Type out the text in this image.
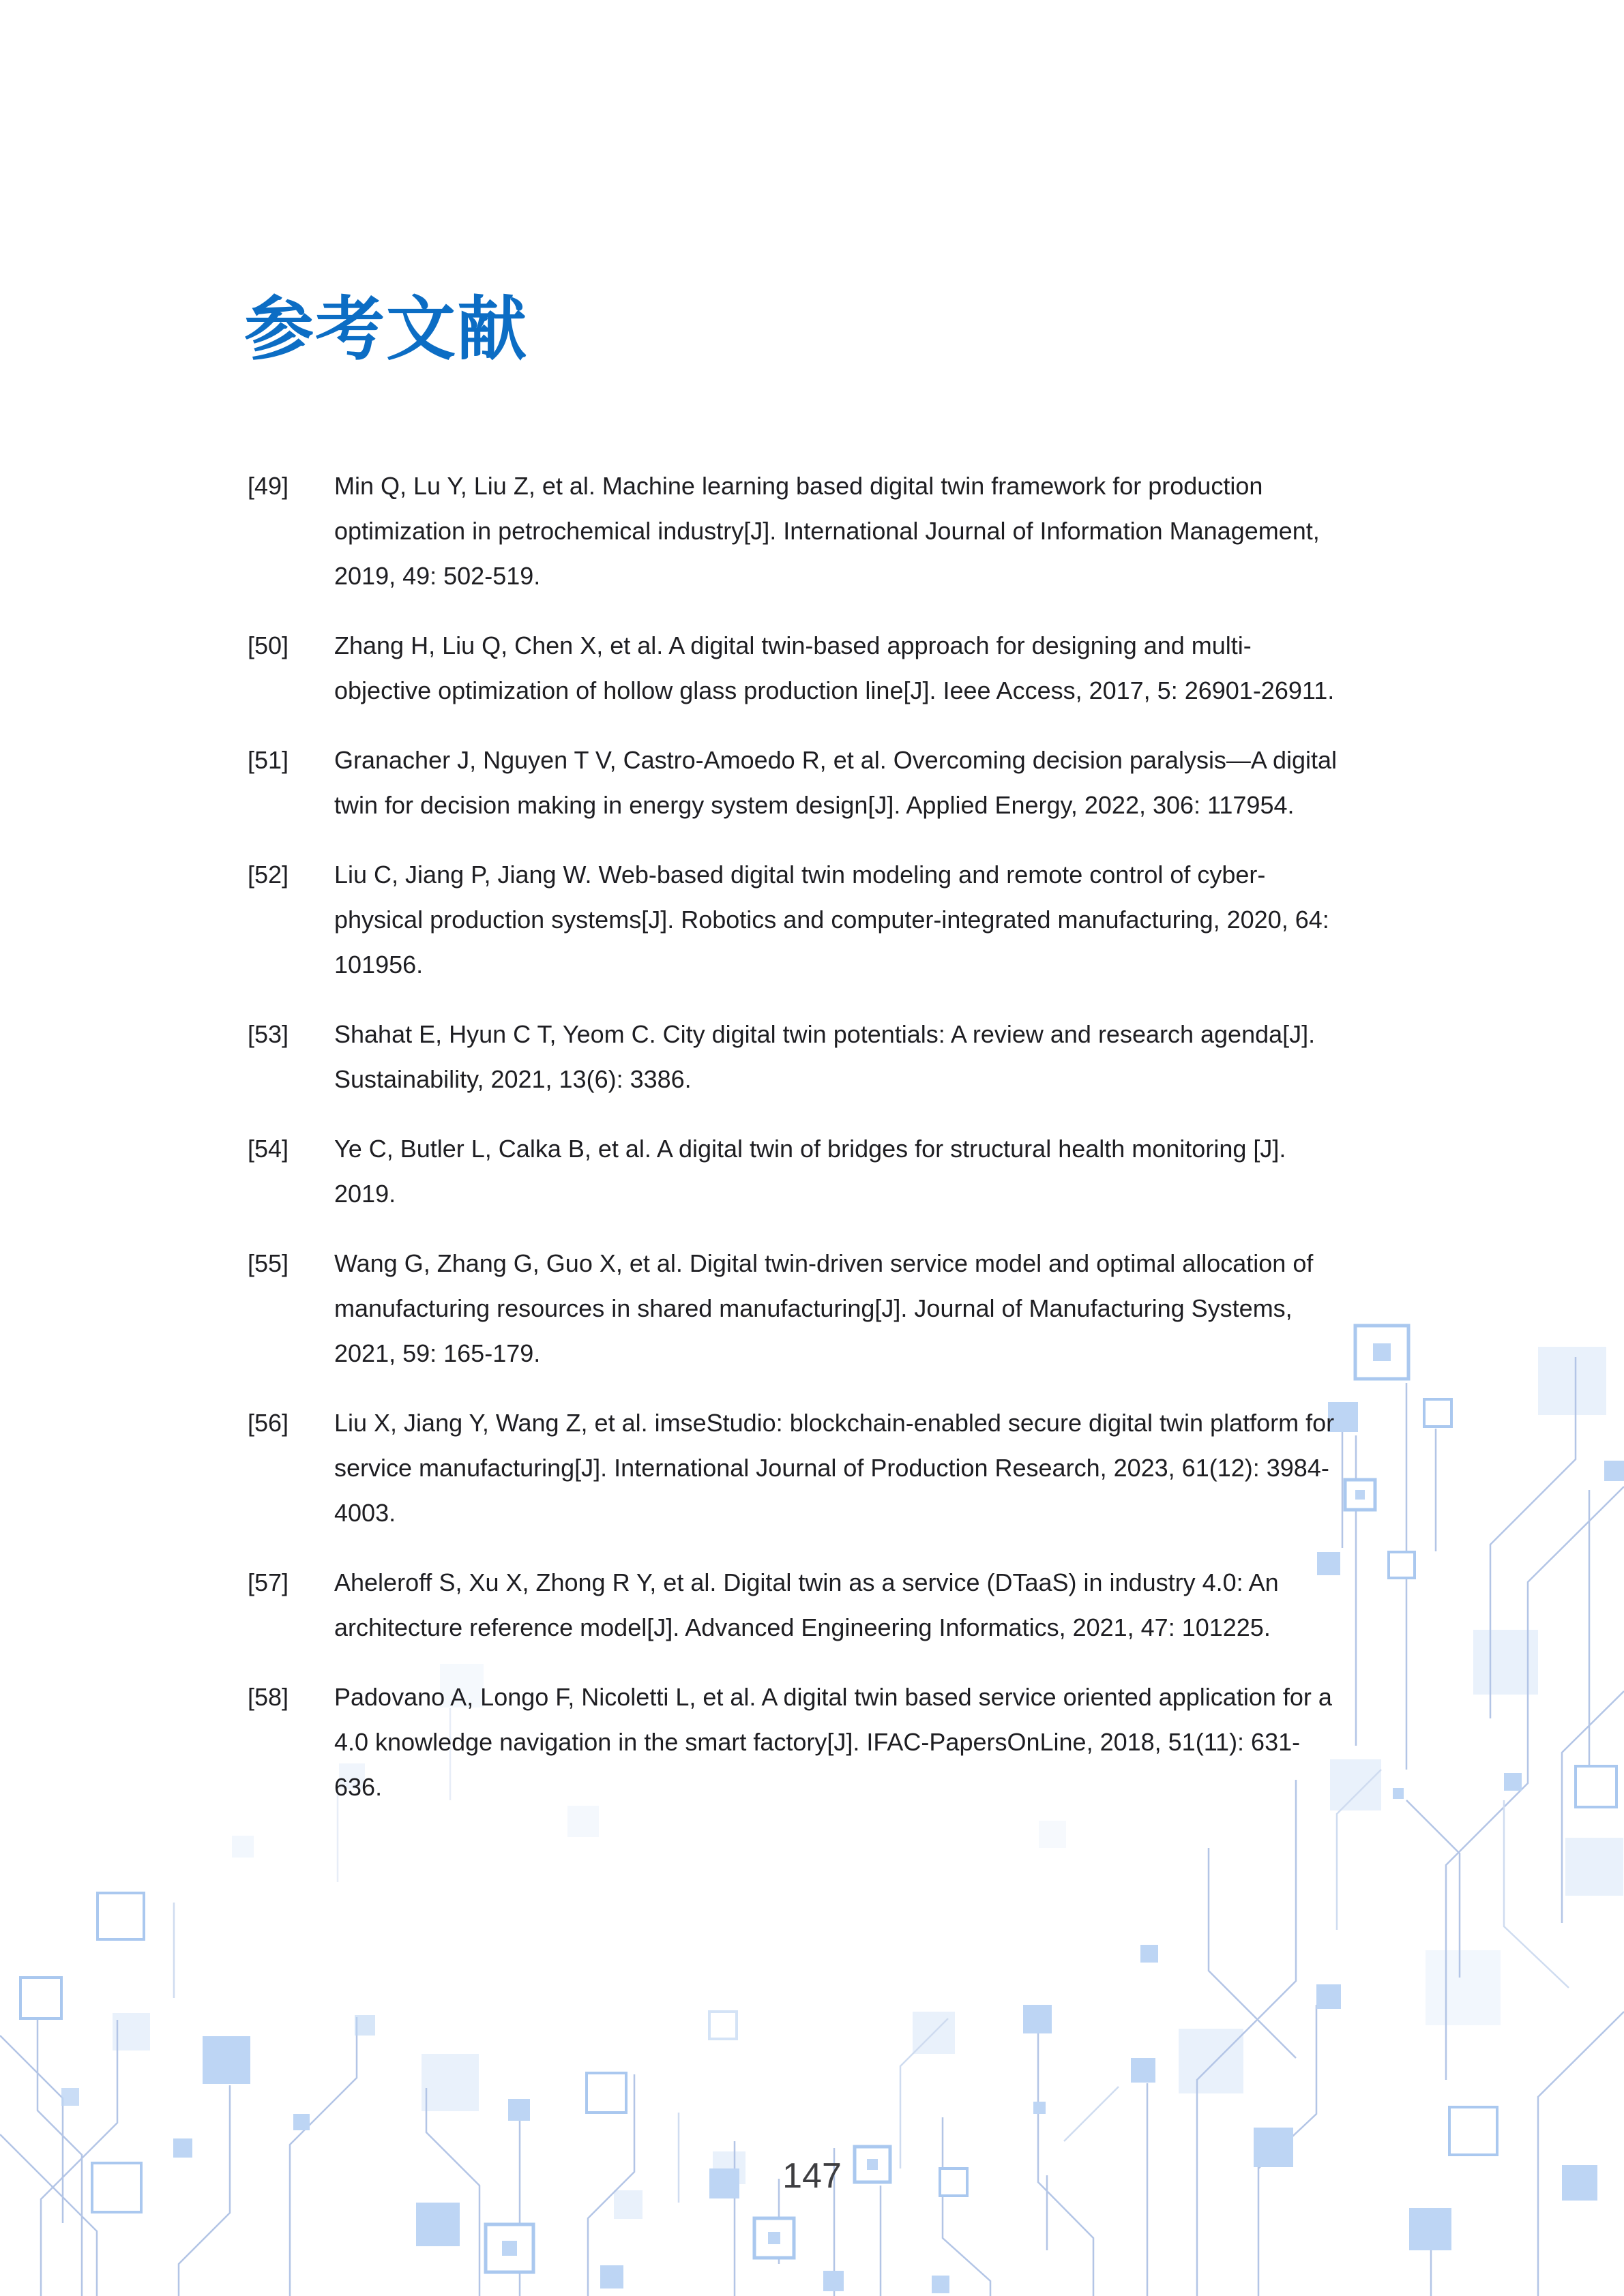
参考文献
[49]	Min Q, Lu Y, Liu Z, et al. Machine learning based digital twin framework for production optimization in petrochemical industry[J]. International Journal of Information Management, 2019, 49: 502-519.

[50]	Zhang H, Liu Q, Chen X, et al. A digital twin-based approach for designing and multi-objective optimization of hollow glass production line[J]. Ieee Access, 2017, 5: 26901-26911.

[51]	Granacher J, Nguyen T V, Castro-Amoedo R, et al. Overcoming decision paralysis—A digital twin for decision making in energy system design[J]. Applied Energy, 2022, 306: 117954.

[52]	Liu C, Jiang P, Jiang W. Web-based digital twin modeling and remote control of cyber-physical production systems[J]. Robotics and computer-integrated manufacturing, 2020, 64: 101956.

[53]	Shahat E, Hyun C T, Yeom C. City digital twin potentials: A review and research agenda[J]. Sustainability, 2021, 13(6): 3386.

[54]	Ye C, Butler L, Calka B, et al. A digital twin of bridges for structural health monitoring [J]. 2019.

[55]	Wang G, Zhang G, Guo X, et al. Digital twin-driven service model and optimal allocation of manufacturing resources in shared manufacturing[J]. Journal of Manufacturing Systems, 2021, 59: 165-179.

[56]	Liu X, Jiang Y, Wang Z, et al. imseStudio: blockchain-enabled secure digital twin platform for service manufacturing[J]. International Journal of Production Research, 2023, 61(12): 3984-4003.

[57]	Aheleroff S, Xu X, Zhong R Y, et al. Digital twin as a service (DTaaS) in industry 4.0: An architecture reference model[J]. Advanced Engineering Informatics, 2021, 47: 101225.

[58]	Padovano A, Longo F, Nicoletti L, et al. A digital twin based service oriented application for a 4.0 knowledge navigation in the smart factory[J]. IFAC-PapersOnLine, 2018, 51(11): 631-636.

147
